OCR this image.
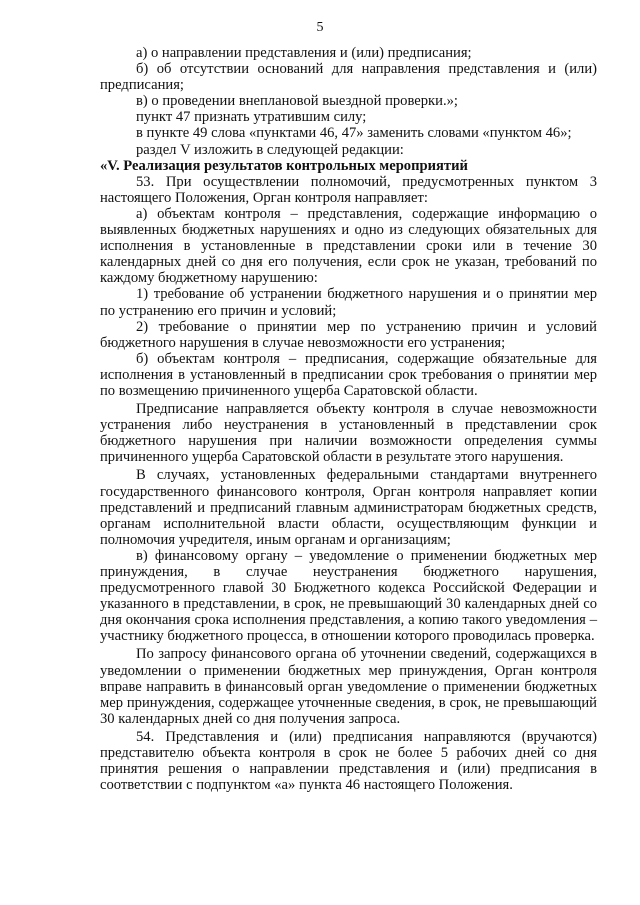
5

а) о направлении представления и (или) предписания;

б) об отсутствии оснований для направления представления и (или) предписания;

в) о проведении внеплановой выездной проверки.»;

пункт 47 признать утратившим силу;

в пункте 49 слова «пунктами 46, 47» заменить словами «пунктом 46»;

раздел V изложить в следующей редакции:

«V. Реализация результатов контрольных мероприятий

53. При осуществлении полномочий, предусмотренных пунктом 3 настоящего Положения, Орган контроля направляет:

а) объектам контроля – представления, содержащие информацию о выявленных бюджетных нарушениях и одно из следующих обязательных для исполнения в установленные в представлении сроки или в течение 30 календарных дней со дня его получения, если срок не указан, требований по каждому бюджетному нарушению:

1) требование об устранении бюджетного нарушения и о принятии мер по устранению его причин и условий;

2) требование о принятии мер по устранению причин и условий бюджетного нарушения в случае невозможности его устранения;

б) объектам контроля – предписания, содержащие обязательные для исполнения в установленный в предписании срок требования о принятии мер по возмещению причиненного ущерба Саратовской области.

Предписание направляется объекту контроля в случае невозможности устранения либо неустранения в установленный в представлении срок бюджетного нарушения при наличии возможности определения суммы причиненного ущерба Саратовской области в результате этого нарушения.

В случаях, установленных федеральными стандартами внутреннего государственного финансового контроля, Орган контроля направляет копии представлений и предписаний главным администраторам бюджетных средств, органам исполнительной власти области, осуществляющим функции и полномочия учредителя, иным органам и организациям;

в) финансовому органу – уведомление о применении бюджетных мер принуждения, в случае неустранения бюджетного нарушения, предусмотренного главой 30 Бюджетного кодекса Российской Федерации и указанного в представлении, в срок, не превышающий 30 календарных дней со дня окончания срока исполнения представления, а копию такого уведомления – участнику бюджетного процесса, в отношении которого проводилась проверка.

По запросу финансового органа об уточнении сведений, содержащихся в уведомлении о применении бюджетных мер принуждения, Орган контроля вправе направить в финансовый орган уведомление о применении бюджетных мер принуждения, содержащее уточненные сведения, в срок, не превышающий 30 календарных дней со дня получения запроса.

54. Представления и (или) предписания направляются (вручаются) представителю объекта контроля в срок не более 5 рабочих дней со дня принятия решения о направлении представления и (или) предписания в соответствии с подпунктом «а» пункта 46 настоящего Положения.
